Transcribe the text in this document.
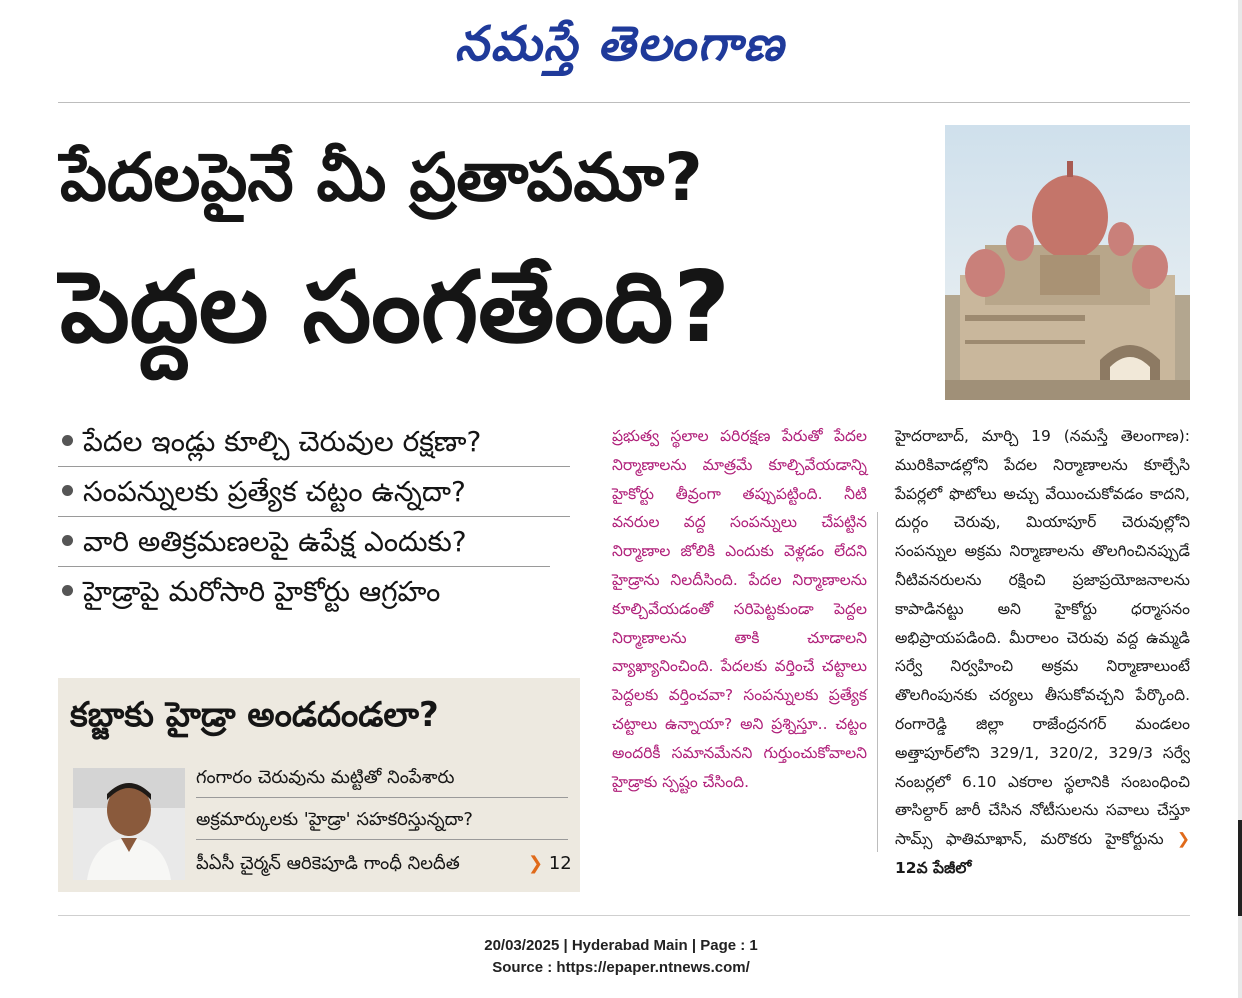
నమస్తే తెలంగాణ
పేదలపైనే మీ ప్రతాపమా?
పెద్దల సంగతేంది?
పేదల ఇండ్లు కూల్చి చెరువుల రక్షణా?
సంపన్నులకు ప్రత్యేక చట్టం ఉన్నదా?
వారి అతిక్రమణలపై ఉపేక్ష ఎందుకు?
హైడ్రాపై మరోసారి హైకోర్టు ఆగ్రహం
కబ్జాకు హైడ్రా అండదండలా?
గంగారం చెరువును మట్టితో నింపేశారు
అక్రమార్కులకు 'హైడ్రా' సహకరిస్తున్నదా?
పీఏసీ చైర్మన్ ఆరికెపూడి గాంధీ నిలదీత	❯ 12

ప్రభుత్వ స్థలాల పరిరక్షణ పేరుతో పేదల నిర్మాణాలను మాత్రమే కూల్చివేయడాన్ని హైకోర్టు తీవ్రంగా తప్పుపట్టింది. నీటి వనరుల వద్ద సంపన్నులు చేపట్టిన నిర్మాణాల జోలికి ఎందుకు వెళ్లడం లేదని హైడ్రాను నిలదీసింది. పేదల నిర్మాణాలను కూల్చివేయడంతో సరిపెట్టకుండా పెద్దల నిర్మాణాలను తాకి చూడాలని వ్యాఖ్యానించింది. పేదలకు వర్తించే చట్టాలు పెద్దలకు వర్తించవా? సంపన్నులకు ప్రత్యేక చట్టాలు ఉన్నాయా? అని ప్రశ్నిస్తూ.. చట్టం అందరికీ సమానమేనని గుర్తుంచుకోవాలని హైడ్రాకు స్పష్టం చేసింది.

హైదరాబాద్, మార్చి 19 (నమస్తే తెలంగాణ): మురికివాడల్లోని పేదల నిర్మాణాలను కూల్చేసి పేపర్లలో ఫొటోలు అచ్చు వేయించుకోవడం కాదని, దుర్గం చెరువు, మియాపూర్ చెరువుల్లోని సంపన్నుల అక్రమ నిర్మాణాలను తొలగించినప్పుడే నీటివనరులను రక్షించి ప్రజాప్రయోజనాలను కాపాడినట్టు అని హైకోర్టు ధర్మాసనం అభిప్రాయపడింది. మీరాలం చెరువు వద్ద ఉమ్మడి సర్వే నిర్వహించి అక్రమ నిర్మాణాలుంటే తొలగింపునకు చర్యలు తీసుకోవచ్చని పేర్కొంది. రంగారెడ్డి జిల్లా రాజేంద్రనగర్ మండలం అత్తాపూర్‌లోని 329/1, 320/2, 329/3 సర్వే నంబర్లలో 6.10 ఎకరాల స్థలానికి సంబంధించి తాసిల్దార్ జారీ చేసిన నోటీసులను సవాలు చేస్తూ సామ్స్ ఫాతిమాఖాన్, మరొకరు హైకోర్టును ❯ 12వ పేజీలో

20/03/2025 | Hyderabad Main | Page : 1
Source : https://epaper.ntnews.com/
